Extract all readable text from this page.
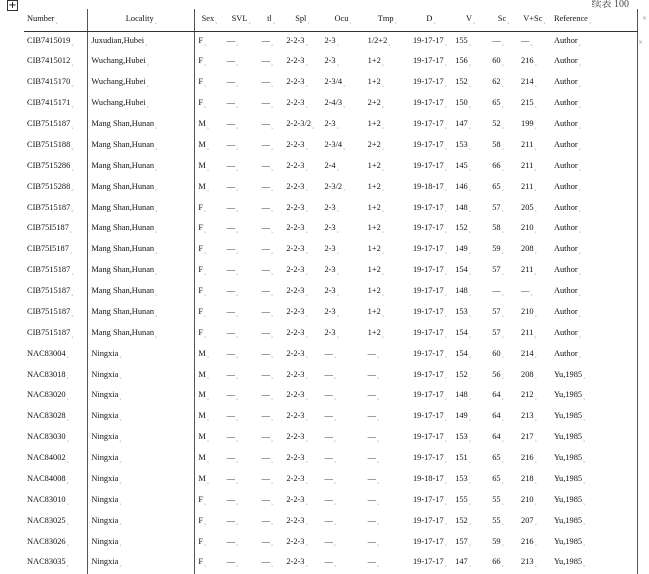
+	续表 100
Number$_{_x}$	Locality$_{_x}$	Sex$_{_x}$	$SVL_{_x}$	$tl_{_x}$	Spl$_{_x}$	Ocu$_{_x}$	Tmp$_{_x}$	$D_{_x}$	$V_{_x}$	$Sc_{_x}$	$V+Sc_{_x}$	Reference$_{_x}$
$CIB7415019_{_x}$	Juxudian,Hubei$_{_x}$	$F_{_x}$	$—_{_x}$	$—_{_x}$	$2-2-3_{_x}$	$2-3_{_x}$	$1/2+2_{_x}$	$19-17-17_{_x}$	$155_{_x}$	$—_{_x}$	$—_{_x}$	Author$_{_x}$
$CIB7415012_{_x}$	Wuchang,Hubei$_{_x}$	$F_{_x}$	$—_{_x}$	$—_{_x}$	$2-2-3_{_x}$	$2-3_{_x}$	$1+2_{_x}$	$19-17-17_{_x}$	$156_{_x}$	$60_{_x}$	$216_{_x}$	Author$_{_x}$
$CIB7415170_{_x}$	Wuchang,Hubei$_{_x}$	$F_{_x}$	$—_{_x}$	$—_{_x}$	$2-2-3_{_x}$	$2-3/4_{_x}$	$1+2_{_x}$	$19-17-17_{_x}$	$152_{_x}$	$62_{_x}$	$214_{_x}$	Author$_{_x}$
$CIB7415171_{_x}$	Wuchang,Hubei$_{_x}$	$F_{_x}$	$—_{_x}$	$—_{_x}$	$2-2-3_{_x}$	$2-4/3_{_x}$	$2+2_{_x}$	$19-17-17_{_x}$	$150_{_x}$	$65_{_x}$	$215_{_x}$	Author$_{_x}$
$CIB7515187_{_x}$	Mang Shan,Hunan$_{_x}$	$M_{_x}$	$—_{_x}$	$—_{_x}$	$2-2-3/2_{_x}$	$2-3_{_x}$	$1+2_{_x}$	$19-17-17_{_x}$	$147_{_x}$	$52_{_x}$	$199_{_x}$	Author$_{_x}$
$CIB7515188_{_x}$	Mang Shan,Hunan$_{_x}$	$M_{_x}$	$—_{_x}$	$—_{_x}$	$2-2-3_{_x}$	$2-3/4_{_x}$	$2+2_{_x}$	$19-17-17_{_x}$	$153_{_x}$	$58_{_x}$	$211_{_x}$	Author$_{_x}$
$CIB7515286_{_x}$	Mang Shan,Hunan$_{_x}$	$M_{_x}$	$—_{_x}$	$—_{_x}$	$2-2-3_{_x}$	$2-4_{_x}$	$1+2_{_x}$	$19-17-17_{_x}$	$145_{_x}$	$66_{_x}$	$211_{_x}$	Author$_{_x}$
$CIB7515288_{_x}$	Mang Shan,Hunan$_{_x}$	$M_{_x}$	$—_{_x}$	$—_{_x}$	$2-2-3_{_x}$	$2-3/2_{_x}$	$1+2_{_x}$	$19-18-17_{_x}$	$146_{_x}$	$65_{_x}$	$211_{_x}$	Author$_{_x}$
$CIB7515187_{_x}$	Mang Shan,Hunan$_{_x}$	$F_{_x}$	$—_{_x}$	$—_{_x}$	$2-2-3_{_x}$	$2-3_{_x}$	$1+2_{_x}$	$19-17-17_{_x}$	$148_{_x}$	$57_{_x}$	$205_{_x}$	Author$_{_x}$
$CIB75I5187_{_x}$	Mang Shan,Hunan$_{_x}$	$F_{_x}$	$—_{_x}$	$—_{_x}$	$2-2-3_{_x}$	$2-3_{_x}$	$1+2_{_x}$	$19-17-17_{_x}$	$152_{_x}$	$58_{_x}$	$210_{_x}$	Author$_{_x}$
$CIB75I5187_{_x}$	Mang Shan,Hunan$_{_x}$	$F_{_x}$	$—_{_x}$	$—_{_x}$	$2-2-3_{_x}$	$2-3_{_x}$	$1+2_{_x}$	$19-17-17_{_x}$	$149_{_x}$	$59_{_x}$	$208_{_x}$	Author$_{_x}$
$CIB7515187_{_x}$	Mang Shan,Hunan$_{_x}$	$F_{_x}$	$—_{_x}$	$—_{_x}$	$2-2-3_{_x}$	$2-3_{_x}$	$1+2_{_x}$	$19-17-17_{_x}$	$154_{_x}$	$57_{_x}$	$211_{_x}$	Author$_{_x}$
$CIB7515187_{_x}$	Mang Shan,Hunan$_{_x}$	$F_{_x}$	$—_{_x}$	$—_{_x}$	$2-2-3_{_x}$	$2-3_{_x}$	$1+2_{_x}$	$19-17-17_{_x}$	$148_{_x}$	$—_{_x}$	$—_{_x}$	Author$_{_x}$
$CIB7515187_{_x}$	Mang Shan,Hunan$_{_x}$	$F_{_x}$	$—_{_x}$	$—_{_x}$	$2-2-3_{_x}$	$2-3_{_x}$	$1+2_{_x}$	$19-17-17_{_x}$	$153_{_x}$	$57_{_x}$	$210_{_x}$	Author$_{_x}$
$CIB7515187_{_x}$	Mang Shan,Hunan$_{_x}$	$F_{_x}$	$—_{_x}$	$—_{_x}$	$2-2-3_{_x}$	$2-3_{_x}$	$1+2_{_x}$	$19-17-17_{_x}$	$154_{_x}$	$57_{_x}$	$211_{_x}$	Author$_{_x}$
$NAC83004_{_x}$	Ningxia$_{_x}$	$M_{_x}$	$—_{_x}$	$—_{_x}$	$2-2-3_{_x}$	$—_{_x}$	$—_{_x}$	$19-17-17_{_x}$	$154_{_x}$	$60_{_x}$	$214_{_x}$	Author$_{_x}$
$NAC83018_{_x}$	Ningxia$_{_x}$	$M_{_x}$	$—_{_x}$	$—_{_x}$	$2-2-3_{_x}$	$—_{_x}$	$—_{_x}$	$19-17-17_{_x}$	$152_{_x}$	$56_{_x}$	$208_{_x}$	$Yu,1985_{_x}$
$NAC83020_{_x}$	Ningxia$_{_x}$	$M_{_x}$	$—_{_x}$	$—_{_x}$	$2-2-3_{_x}$	$—_{_x}$	$—_{_x}$	$19-17-17_{_x}$	$148_{_x}$	$64_{_x}$	$212_{_x}$	$Yu,1985_{_x}$
$NAC83028_{_x}$	Ningxia$_{_x}$	$M_{_x}$	$—_{_x}$	$—_{_x}$	$2-2-3_{_x}$	$—_{_x}$	$—_{_x}$	$19-17-17_{_x}$	$149_{_x}$	$64_{_x}$	$213_{_x}$	$Yu,1985_{_x}$
$NAC83030_{_x}$	Ningxia$_{_x}$	$M_{_x}$	$—_{_x}$	$—_{_x}$	$2-2-3_{_x}$	$—_{_x}$	$—_{_x}$	$19-17-17_{_x}$	$153_{_x}$	$64_{_x}$	$217_{_x}$	$Yu,1985_{_x}$
$NAC84002_{_x}$	Ningxia$_{_x}$	$M_{_x}$	$—_{_x}$	$—_{_x}$	$2-2-3_{_x}$	$—_{_x}$	$—_{_x}$	$19-17-17_{_x}$	$151_{_x}$	$65_{_x}$	$216_{_x}$	$Yu,1985_{_x}$
$NAC84008_{_x}$	Ningxia$_{_x}$	$M_{_x}$	$—_{_x}$	$—_{_x}$	$2-2-3_{_x}$	$—_{_x}$	$—_{_x}$	$19-18-17_{_x}$	$153_{_x}$	$65_{_x}$	$218_{_x}$	$Yu,1985_{_x}$
$NAC83010_{_x}$	Ningxia$_{_x}$	$F_{_x}$	$—_{_x}$	$—_{_x}$	$2-2-3_{_x}$	$—_{_x}$	$—_{_x}$	$19-17-17_{_x}$	$155_{_x}$	$55_{_x}$	$210_{_x}$	$Yu,1985_{_x}$
$NAC83025_{_x}$	Ningxia$_{_x}$	$F_{_x}$	$—_{_x}$	$—_{_x}$	$2-2-3_{_x}$	$—_{_x}$	$—_{_x}$	$19-17-17_{_x}$	$152_{_x}$	$55_{_x}$	$207_{_x}$	$Yu,1985_{_x}$
$NAC83026_{_x}$	Ningxia$_{_x}$	$F_{_x}$	$—_{_x}$	$—_{_x}$	$2-2-3_{_x}$	$—_{_x}$	$—_{_x}$	$19-17-17_{_x}$	$157_{_x}$	$59_{_x}$	$216_{_x}$	$Yu,1985_{_x}$
$NAC83035_{_x}$	Ningxia$_{_x}$	$F_{_x}$	$—_{_x}$	$—_{_x}$	$2-2-3_{_x}$	$—_{_x}$	$—_{_x}$	$19-17-17_{_x}$	$147_{_x}$	$66_{_x}$	$213_{_x}$	$Yu,1985_{_x}$
×
×
